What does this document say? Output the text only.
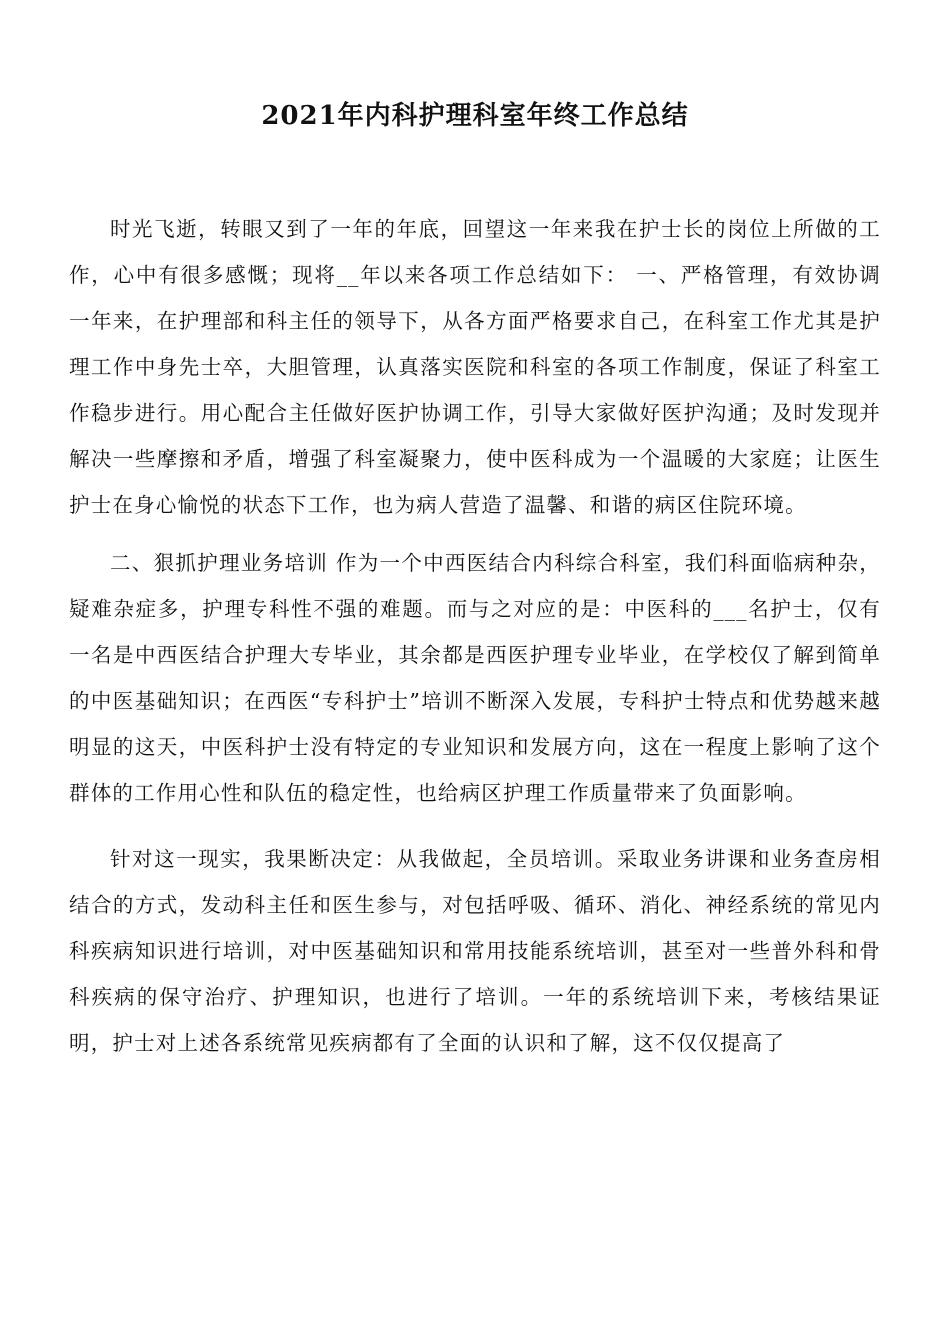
2021年内科护理科室年终工作总结

时光飞逝，转眼又到了一年的年底，回望这一年来我在护士长的岗位上所做的工作，心中有很多感慨；现将__年以来各项工作总结如下： 一、严格管理，有效协调 一年来，在护理部和科主任的领导下，从各方面严格要求自己，在科室工作尤其是护理工作中身先士卒，大胆管理，认真落实医院和科室的各项工作制度，保证了科室工作稳步进行。用心配合主任做好医护协调工作，引导大家做好医护沟通；及时发现并解决一些摩擦和矛盾，增强了科室凝聚力，使中医科成为一个温暖的大家庭；让医生护士在身心愉悦的状态下工作，也为病人营造了温馨、和谐的病区住院环境。

二、狠抓护理业务培训 作为一个中西医结合内科综合科室，我们科面临病种杂，疑难杂症多，护理专科性不强的难题。而与之对应的是：中医科的___名护士，仅有一名是中西医结合护理大专毕业，其余都是西医护理专业毕业，在学校仅了解到简单的中医基础知识；在西医“专科护士”培训不断深入发展，专科护士特点和优势越来越明显的这天，中医科护士没有特定的专业知识和发展方向，这在一程度上影响了这个群体的工作用心性和队伍的稳定性，也给病区护理工作质量带来了负面影响。

针对这一现实，我果断决定：从我做起，全员培训。采取业务讲课和业务查房相结合的方式，发动科主任和医生参与，对包括呼吸、循环、消化、神经系统的常见内科疾病知识进行培训，对中医基础知识和常用技能系统培训，甚至对一些普外科和骨科疾病的保守治疗、护理知识，也进行了培训。一年的系统培训下来，考核结果证明，护士对上述各系统常见疾病都有了全面的认识和了解，这不仅仅提高了
